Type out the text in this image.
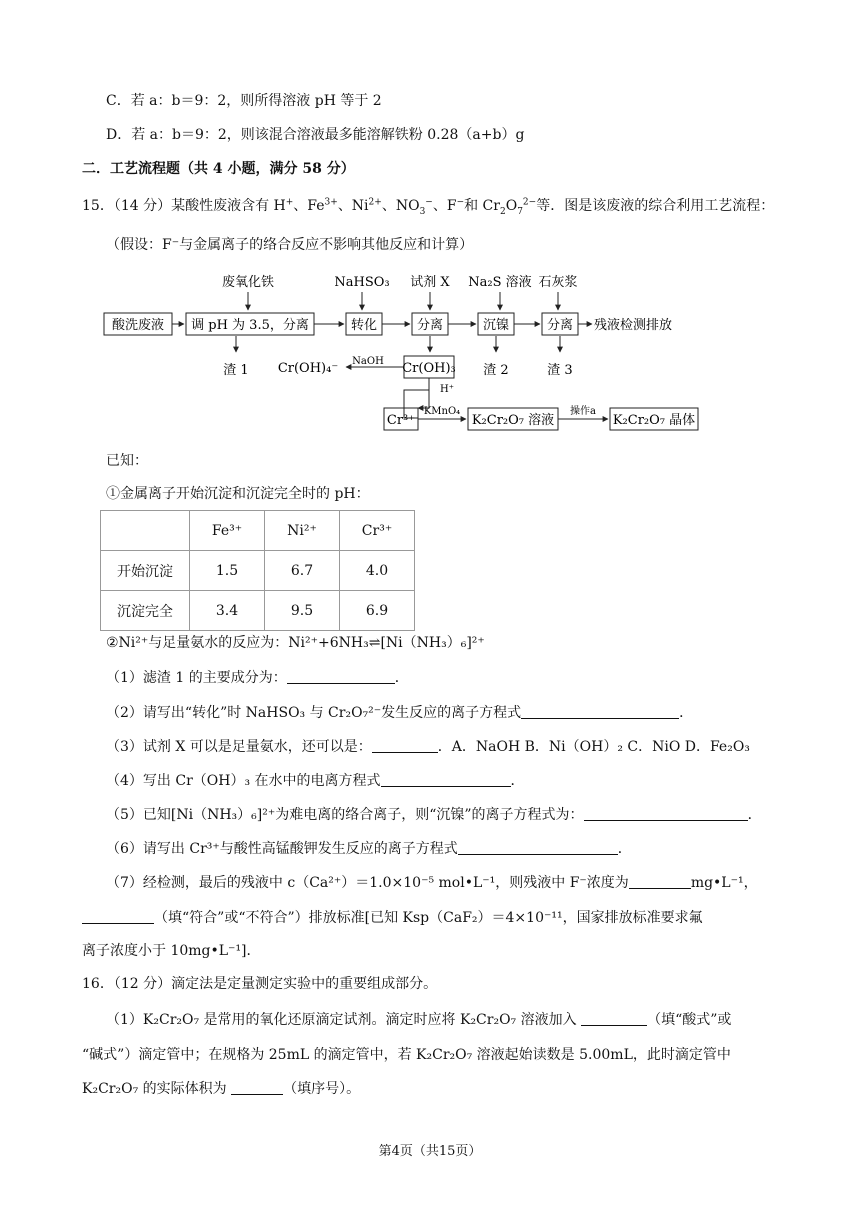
C．若 a：b＝9：2，则所得溶液 pH 等于 2
D．若 a：b＝9：2，则该混合溶液最多能溶解铁粉 0.28（a+b）g
二．工艺流程题（共 4 小题，满分 58 分）
15．（14 分）某酸性废液含有 H+、$Fe^{3+}$、$Ni^{2+}$、$NO_3^-$、F−和 $Cr_2O_7^{2-}$等．图是该废液的综合利用工艺流程：
（假设：F⁻与金属离子的络合反应不影响其他反应和计算）
废氧化铁	NaHSO₃ 试剂 X Na₂S 溶液 石灰浆
酸洗废液 调 pH 为 3.5，分离	转化	分离	沉镍	分离 残液检测排放
渣 1	Cr(OH)₃
NaOH
Cr(OH)₄⁻	渣 2	渣 3
H⁺
Cr³⁺
KMnO₄
K₂Cr₂O₇ 溶液
操作a
K₂Cr₂O₇ 晶体
已知：
①金属离子开始沉淀和沉淀完全时的 pH：
	Fe³⁺	Ni²⁺	Cr³⁺
开始沉淀	1.5	6.7	4.0
沉淀完全	3.4	9.5	6.9
②Ni²⁺与足量氨水的反应为：Ni²⁺+6NH₃⇌[Ni（NH₃）₆]²⁺
（1）滤渣 1 的主要成分为：	．
（2）请写出“转化”时 NaHSO₃ 与 Cr₂O₇²⁻发生反应的离子方程式	．
（3）试剂 X 可以是足量氨水，还可以是：	．A．NaOH B．Ni（OH）₂ C．NiO D．Fe₂O₃
（4）写出 Cr（OH）₃ 在水中的电离方程式	．
（5）已知[Ni（NH₃）₆]²⁺为难电离的络合离子，则“沉镍”的离子方程式为：	．
（6）请写出 Cr³⁺与酸性高锰酸钾发生反应的离子方程式	．
（7）经检测，最后的残液中 c（Ca²⁺）＝1.0×10⁻⁵ mol•L⁻¹，则残液中 F⁻浓度为	mg•L⁻¹，
（填“符合”或“不符合”）排放标准[已知 Ksp（CaF₂）＝4×10⁻¹¹，国家排放标准要求氟
离子浓度小于 10mg•L⁻¹]．
16．（12 分）滴定法是定量测定实验中的重要组成部分。
（1）K₂Cr₂O₇ 是常用的氧化还原滴定试剂。滴定时应将 K₂Cr₂O₇ 溶液加入	（填“酸式”或
“碱式”）滴定管中；在规格为 25mL 的滴定管中，若 K₂Cr₂O₇ 溶液起始读数是 5.00mL，此时滴定管中
K₂Cr₂O₇ 的实际体积为	（填序号）。
第4页（共15页）
